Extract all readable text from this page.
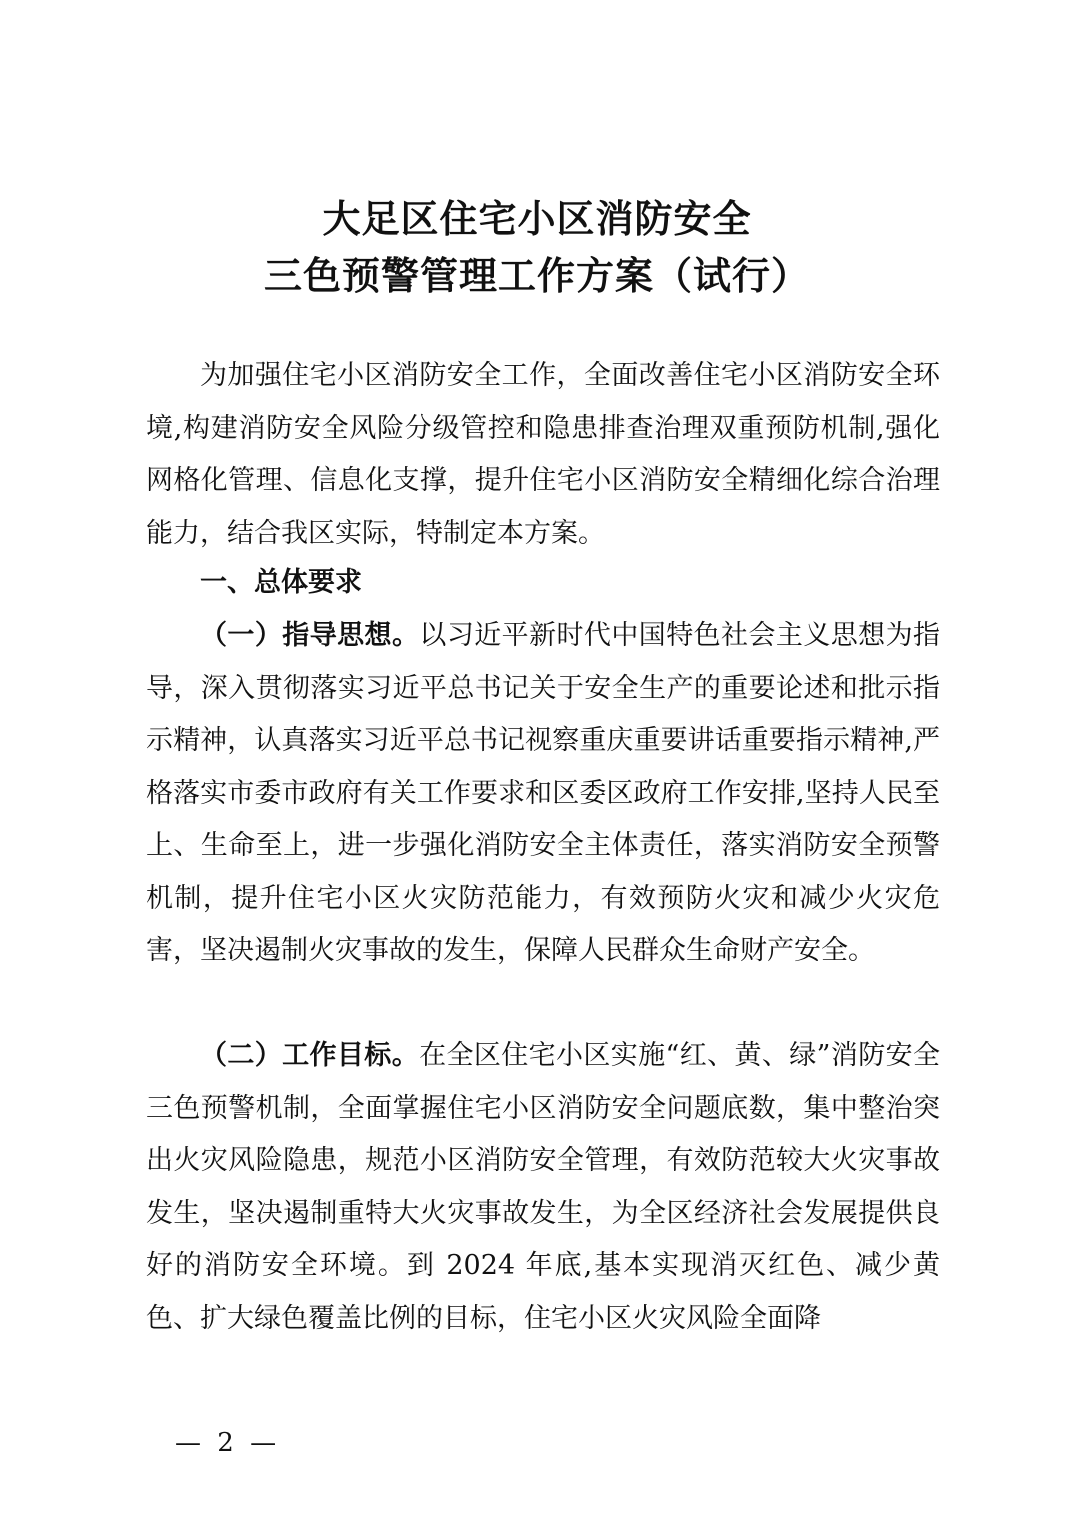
大足区住宅小区消防安全
三色预警管理工作方案（试行）

为加强住宅小区消防安全工作，全面改善住宅小区消防安全环境,构建消防安全风险分级管控和隐患排查治理双重预防机制,强化网格化管理、信息化支撑，提升住宅小区消防安全精细化综合治理能力，结合我区实际，特制定本方案。

一、总体要求

（一）指导思想。以习近平新时代中国特色社会主义思想为指导，深入贯彻落实习近平总书记关于安全生产的重要论述和批示指示精神，认真落实习近平总书记视察重庆重要讲话重要指示精神,严格落实市委市政府有关工作要求和区委区政府工作安排,坚持人民至上、生命至上，进一步强化消防安全主体责任，落实消防安全预警机制，提升住宅小区火灾防范能力，有效预防火灾和减少火灾危害，坚决遏制火灾事故的发生，保障人民群众生命财产安全。

（二）工作目标。在全区住宅小区实施“红、黄、绿”消防安全三色预警机制，全面掌握住宅小区消防安全问题底数，集中整治突出火灾风险隐患，规范小区消防安全管理，有效防范较大火灾事故发生，坚决遏制重特大火灾事故发生，为全区经济社会发展提供良好的消防安全环境。到 2024 年底,基本实现消灭红色、减少黄色、扩大绿色覆盖比例的目标，住宅小区火灾风险全面降

— 2 —
